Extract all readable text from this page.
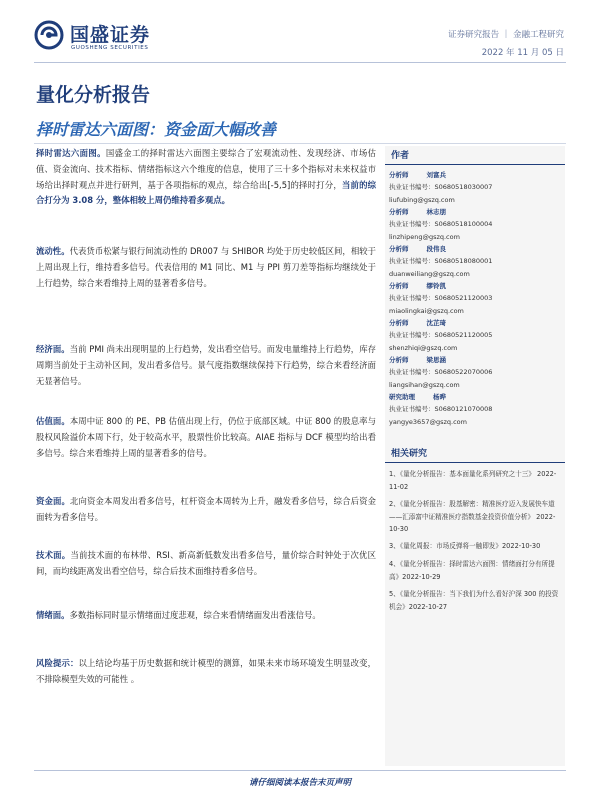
国盛证券
GUOSHENG SECURITIES
证券研究报告 ｜ 金融工程研究
2022 年 11 月 05 日
量化分析报告
择时雷达六面图：资金面大幅改善
择时雷达六面图。国盛金工的择时雷达六面图主要综合了宏观流动性、发现经济、市场估值、资金流向、技术指标、情绪指标这六个维度的信息，使用了三十多个指标对未来权益市场给出择时观点并进行研判，基于各项指标的观点，综合给出[-5,5]的择时打分，当前的综合打分为 3.08 分，整体相较上周仍维持看多观点。
流动性。代表货币松紧与银行间流动性的 DR007 与 SHIBOR 均处于历史较低区间，相较于上周出现上行，维持看多信号。代表信用的 M1 同比、M1 与 PPI 剪刀差等指标均继续处于上行趋势，综合来看维持上周的显著看多信号。
经济面。当前 PMI 尚未出现明显的上行趋势，发出看空信号。而发电量维持上行趋势，库存周期当前处于主动补区间，发出看多信号。景气度指数继续保持下行趋势，综合来看经济面无显著信号。
估值面。本周中证 800 的 PE、PB 估值出现上行，仍位于底部区域。中证 800 的股息率与股权风险溢价本周下行，处于较高水平，股票性价比较高。AIAE 指标与 DCF 模型均给出看多信号。综合来看维持上周的显著看多的信号。
资金面。北向资金本周发出看多信号，杠杆资金本周转为上升，融发看多信号，综合后资金面转为看多信号。
技术面。当前技术面的布林带、RSI、新高新低数发出看多信号，量价综合时钟处于次优区间，而均线距离发出看空信号，综合后技术面维持看多信号。
情绪面。多数指标同时显示情绪面过度悲观，综合来看情绪面发出看涨信号。
风险提示：以上结论均基于历史数据和统计模型的测算，如果未来市场环境发生明显改变，不排除模型失效的可能性 。
作者
分析师	刘富兵
执业证书编号：S0680518030007
liufubing@gszq.com
分析师	林志朋
执业证书编号：S0680518100004
linzhipeng@gszq.com
分析师	段伟良
执业证书编号：S0680518080001
duanweiliang@gszq.com
分析师	缪铃凯
执业证书编号：S0680521120003
miaolingkai@gszq.com
分析师	沈芷琦
执业证书编号：S0680521120005
shenzhiqi@gszq.com
分析师	梁思涵
执业证书编号：S0680522070006
liangsihan@gszq.com
研究助理	杨晔
执业证书编号：S0680121070008
yangye3657@gszq.com
相关研究
1、《量化分析报告：基本面量化系列研究之十三》 2022-11-02
2、《量化分析报告：股基解密：精准医疗迈入发展快车道——汇添富中证精准医疗指数基金投资价值分析》 2022-10-30
3、《量化周报：市场反弹将一触即发》2022-10-30
4、《量化分析报告：择时雷达六面图：情绪面打分有所提高》2022-10-29
5、《量化分析报告：当下我们为什么看好沪深 300 的投资机会》2022-10-27
请仔细阅读本报告末页声明
